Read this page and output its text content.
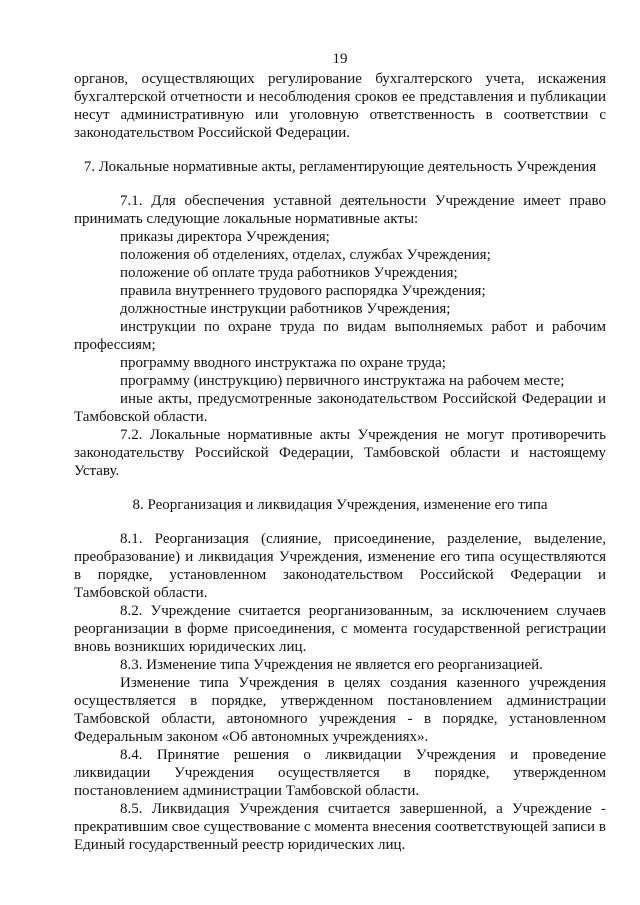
19

органов, осуществляющих регулирование бухгалтерского учета, искажения бухгалтерской отчетности и несоблюдения сроков ее представления и публикации несут административную или уголовную ответственность в соответствии с законодательством Российской Федерации.

7. Локальные нормативные акты, регламентирующие деятельность Учреждения

7.1. Для обеспечения уставной деятельности Учреждение имеет право принимать следующие локальные нормативные акты:

приказы директора Учреждения;

положения об отделениях, отделах, службах Учреждения;

положение об оплате труда работников Учреждения;

правила внутреннего трудового распорядка Учреждения;

должностные инструкции работников Учреждения;

инструкции по охране труда по видам выполняемых работ и рабочим профессиям;

программу вводного инструктажа по охране труда;

программу (инструкцию) первичного инструктажа на рабочем месте;

иные акты, предусмотренные законодательством Российской Федерации и Тамбовской области.

7.2. Локальные нормативные акты Учреждения не могут противоречить законодательству Российской Федерации, Тамбовской области и настоящему Уставу.

8. Реорганизация и ликвидация Учреждения, изменение его типа

8.1. Реорганизация (слияние, присоединение, разделение, выделение, преобразование) и ликвидация Учреждения, изменение его типа осуществляются в порядке, установленном законодательством Российской Федерации и Тамбовской области.

8.2. Учреждение считается реорганизованным, за исключением случаев реорганизации в форме присоединения, с момента государственной регистрации вновь возникших юридических лиц.

8.3. Изменение типа Учреждения не является его реорганизацией.

Изменение типа Учреждения в целях создания казенного учреждения осуществляется в порядке, утвержденном постановлением администрации Тамбовской области, автономного учреждения - в порядке, установленном Федеральным законом «Об автономных учреждениях».

8.4. Принятие решения о ликвидации Учреждения и проведение ликвидации Учреждения осуществляется в порядке, утвержденном постановлением администрации Тамбовской области.

8.5. Ликвидация Учреждения считается завершенной, а Учреждение - прекратившим свое существование с момента внесения соответствующей записи в Единый государственный реестр юридических лиц.
